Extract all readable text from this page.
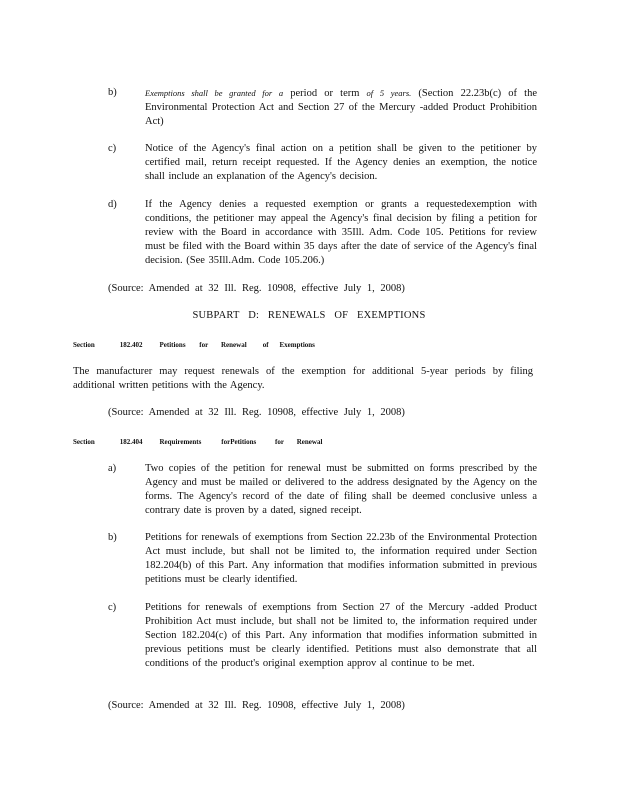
b)	Exemptions shall be granted for a period or term of 5 years. (Section 22.23b(c) of the Environmental Protection Act and Section 27 of the Mercury -added Product Prohibition Act)
c)	Notice of the Agency's final action on a petition shall be given to the petitioner by certified mail, return receipt requested. If the Agency denies an exemption, the notice shall include an explanation of the Agency's decision.
d)	If the Agency denies a requested exemption or grants a requestedexemption with conditions, the petitioner may appeal the Agency's final decision by filing a petition for review with the Board in accordance with 35Ill. Adm. Code 105. Petitions for review must be filed with the Board within 35 days after the date of service of the Agency's final decision. (See 35Ill.Adm. Code 105.206.)
(Source: Amended at 32 Ill. Reg. 10908, effective July 1, 2008)
SUBPART D: RENEWALS OF EXEMPTIONS
Section	182.402 Petitions for Renewal of Exemptions
The manufacturer may request renewals of the exemption for additional 5-year periods by filing additional written petitions with the Agency.
(Source: Amended at 32 Ill. Reg. 10908, effective July 1, 2008)
Section	182.404 Requirements	forPetitions	for Renewal
a)	Two copies of the petition for renewal must be submitted on forms prescribed by the Agency and must be mailed or delivered to the address designated by the Agency on the forms. The Agency's record of the date of filing shall be deemed conclusive unless a contrary date is proven by a dated, signed receipt.
b)	Petitions for renewals of exemptions from Section 22.23b of the Environmental Protection Act must include, but shall not be limited to, the information required under Section 182.204(b) of this Part. Any information that modifies information submitted in previous petitions must be clearly identified.
c)	Petitions for renewals of exemptions from Section 27 of the Mercury -added Product Prohibition Act must include, but shall not be limited to, the information required under Section 182.204(c) of this Part. Any information that modifies information submitted in previous petitions must be clearly identified. Petitions must also demonstrate that all conditions of the product's original exemption approv al continue to be met.
(Source: Amended at 32 Ill. Reg. 10908, effective July 1, 2008)
